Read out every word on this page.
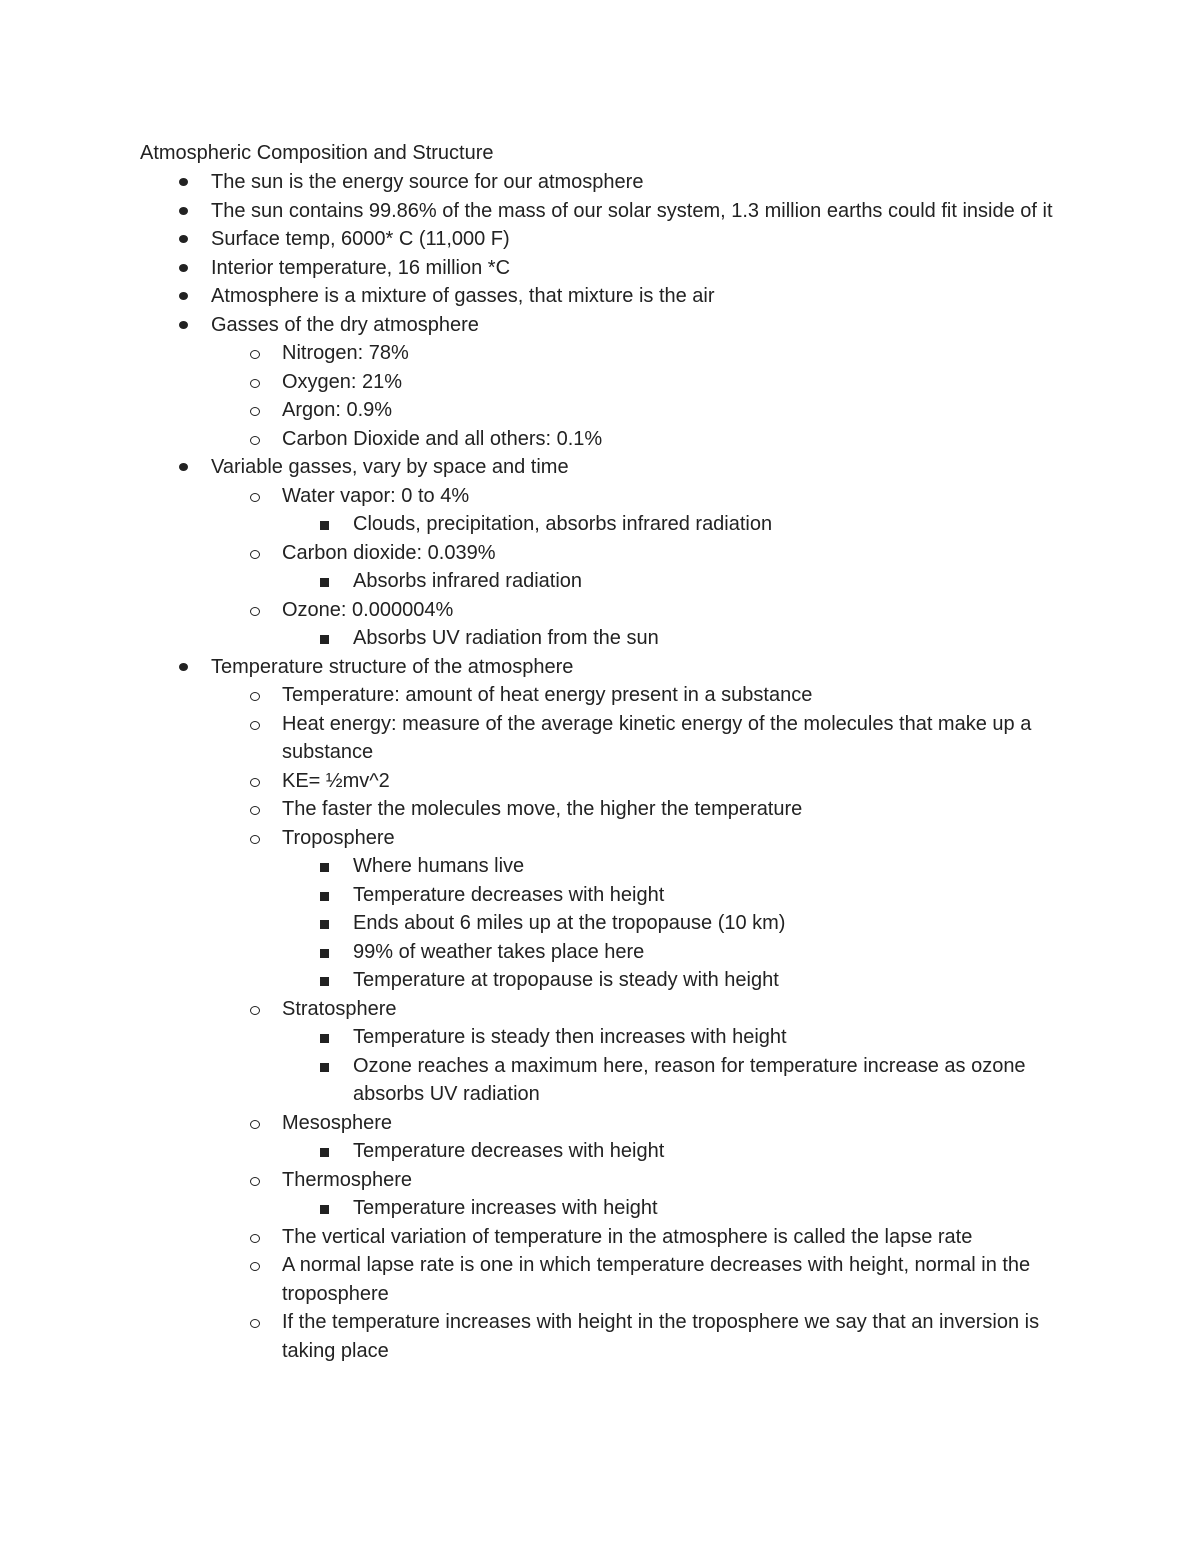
Atmospheric Composition and Structure
The sun is the energy source for our atmosphere
The sun contains 99.86% of the mass of our solar system, 1.3 million earths could fit inside of it
Surface temp, 6000* C (11,000 F)
Interior temperature, 16 million *C
Atmosphere is a mixture of gasses, that mixture is the air
Gasses of the dry atmosphere
Nitrogen: 78%
Oxygen: 21%
Argon: 0.9%
Carbon Dioxide and all others: 0.1%
Variable gasses, vary by space and time
Water vapor: 0 to 4%
Clouds, precipitation, absorbs infrared radiation
Carbon dioxide: 0.039%
Absorbs infrared radiation
Ozone: 0.000004%
Absorbs UV radiation from the sun
Temperature structure of the atmosphere
Temperature: amount of heat energy present in a substance
Heat energy: measure of the average kinetic energy of the molecules that make up a substance
KE= ½mv^2
The faster the molecules move, the higher the temperature
Troposphere
Where humans live
Temperature decreases with height
Ends about 6 miles up at the tropopause (10 km)
99% of weather takes place here
Temperature at tropopause is steady with height
Stratosphere
Temperature is steady then increases with height
Ozone reaches a maximum here, reason for temperature increase as ozone absorbs UV radiation
Mesosphere
Temperature decreases with height
Thermosphere
Temperature increases with height
The vertical variation of temperature in the atmosphere is called the lapse rate
A normal lapse rate is one in which temperature decreases with height, normal in the troposphere
If the temperature increases with height in the troposphere we say that an inversion is taking place
